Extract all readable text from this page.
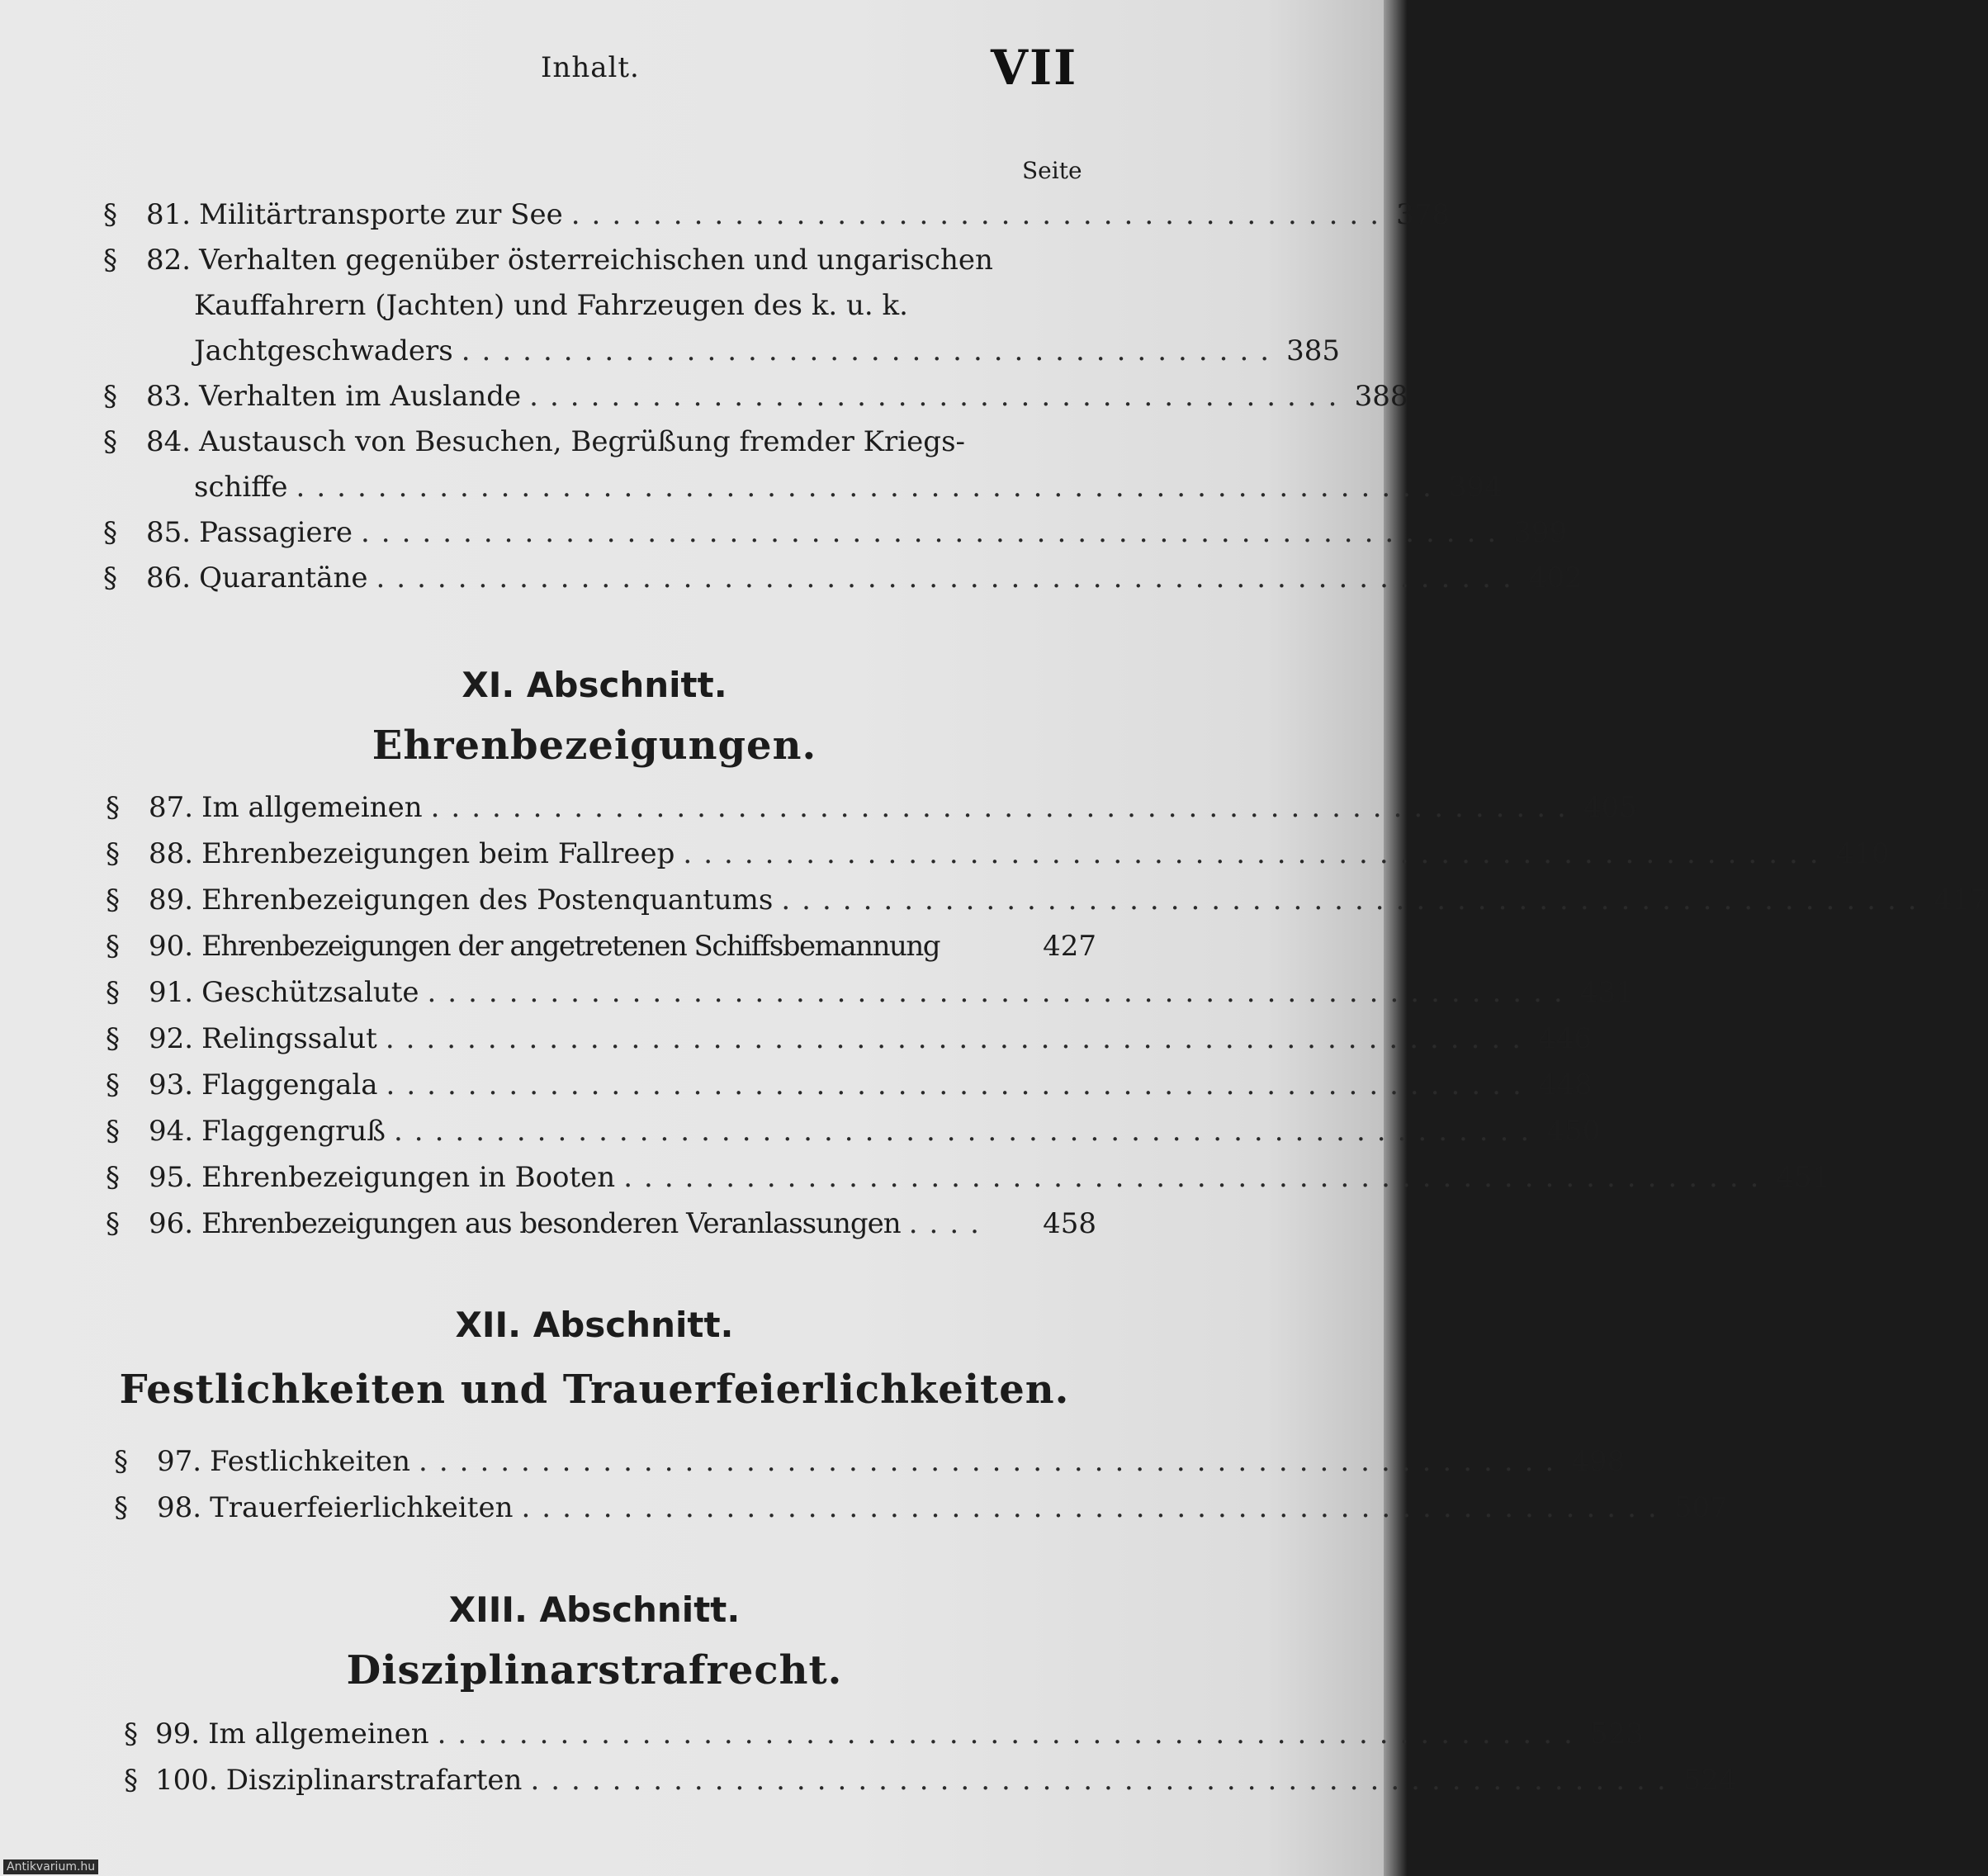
Inhalt.	VII
Seite
§	81. Militärtransporte zur See ........................................ 378
§	82. Verhalten gegenüber österreichischen und ungarischen
Kauffahrern (Jachten) und Fahrzeugen des k. u. k.
Jachtgeschwaders ........................................ 385
§	83. Verhalten im Auslande ........................................ 388
§	84. Austausch von Besuchen, Begrüßung fremder Kriegs-
schiffe ........................................................ 394
§	85. Passagiere ........................................................ 399
§	86. Quarantäne ........................................................ 402
XI. Abschnitt.
Ehrenbezeigungen.
§	87. Im allgemeinen ........................................................ 405
§	88. Ehrenbezeigungen beim Fallreep ........................................................ 410
§	89. Ehrenbezeigungen des Postenquantums ........................................................ 417
§	90. Ehrenbezeigungen der angetretenen Schiffsbemannung	427
§	91. Geschützsalute ........................................................ 431
§	92. Relingssalut ........................................................ 446
§	93. Flaggengala ........................................................ 448
§	94. Flaggengruß ........................................................ 450
§	95. Ehrenbezeigungen in Booten ........................................................ 451
§	96. Ehrenbezeigungen aus besonderen Veranlassungen ....	458
XII. Abschnitt.
Festlichkeiten und Trauerfeierlichkeiten.
§	97. Festlichkeiten ........................................................ 498
§	98. Trauerfeierlichkeiten ........................................................ 507
XIII. Abschnitt.
Disziplinarstrafrecht.
§ 99. Im allgemeinen ........................................................ 523
§ 100. Disziplinarstrafarten ........................................................ 524
Antikvarium.hu
